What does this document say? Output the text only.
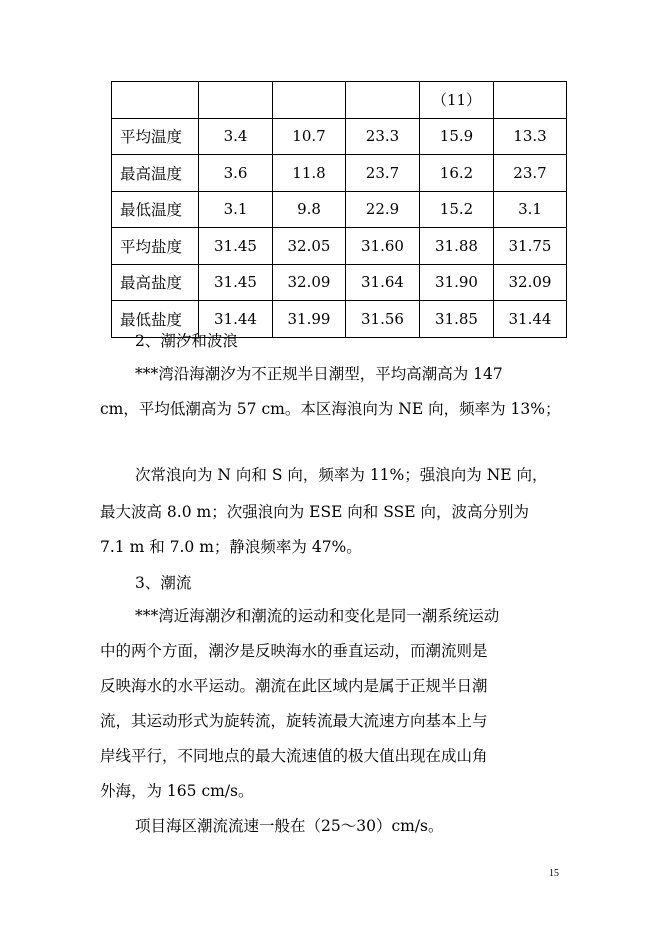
				（11）	
平均温度	3.4	10.7	23.3	15.9	13.3
最高温度	3.6	11.8	23.7	16.2	23.7
最低温度	3.1	9.8	22.9	15.2	3.1
平均盐度	31.45	32.05	31.60	31.88	31.75
最高盐度	31.45	32.09	31.64	31.90	32.09
最低盐度	31.44	31.99	31.56	31.85	31.44
2、潮汐和波浪
***湾沿海潮汐为不正规半日潮型，平均高潮高为 147
cm，平均低潮高为 57 cm。本区海浪向为 NE 向，频率为 13%；
次常浪向为 N 向和 S 向，频率为 11%；强浪向为 NE 向，
最大波高 8.0 m；次强浪向为 ESE 向和 SSE 向，波高分别为
7.1 m 和 7.0 m；静浪频率为 47%。
3、潮流
***湾近海潮汐和潮流的运动和变化是同一潮系统运动
中的两个方面，潮汐是反映海水的垂直运动，而潮流则是
反映海水的水平运动。潮流在此区域内是属于正规半日潮
流，其运动形式为旋转流，旋转流最大流速方向基本上与
岸线平行，不同地点的最大流速值的极大值出现在成山角
外海，为 165 cm/s。
项目海区潮流流速一般在（25～30）cm/s。
15
